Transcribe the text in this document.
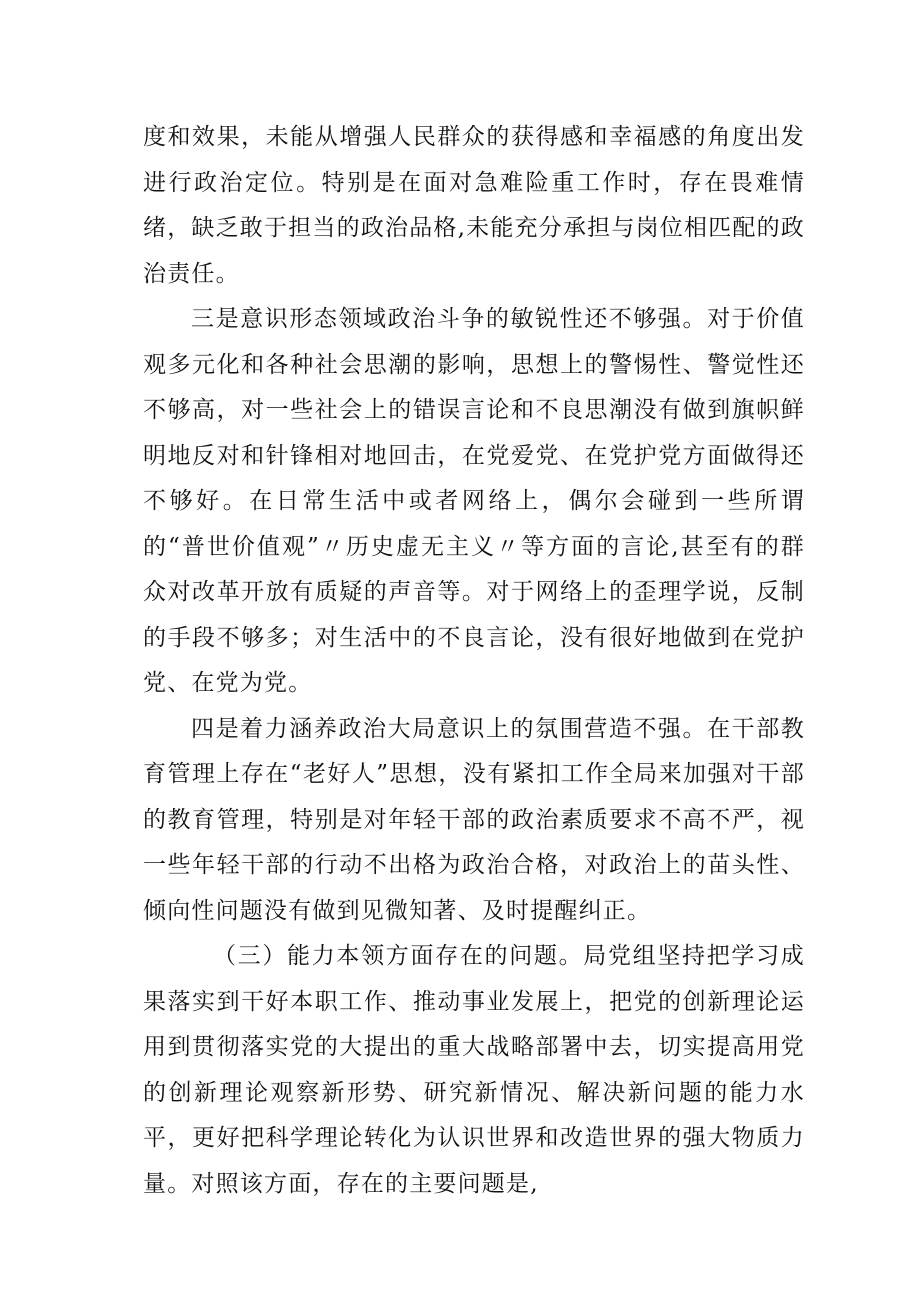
度和效果，未能从增强人民群众的获得感和幸福感的角度出发进行政治定位。特别是在面对急难险重工作时，存在畏难情绪，缺乏敢于担当的政治品格,未能充分承担与岗位相匹配的政治责任。

三是意识形态领域政治斗争的敏锐性还不够强。对于价值观多元化和各种社会思潮的影响，思想上的警惕性、警觉性还不够高，对一些社会上的错误言论和不良思潮没有做到旗帜鲜明地反对和针锋相对地回击，在党爱党、在党护党方面做得还不够好。在日常生活中或者网络上，偶尔会碰到一些所谓的“普世价值观”〃历史虚无主义〃等方面的言论,甚至有的群众对改革开放有质疑的声音等。对于网络上的歪理学说，反制的手段不够多；对生活中的不良言论，没有很好地做到在党护党、在党为党。

四是着力涵养政治大局意识上的氛围营造不强。在干部教育管理上存在“老好人”思想，没有紧扣工作全局来加强对干部的教育管理，特别是对年轻干部的政治素质要求不高不严，视一些年轻干部的行动不出格为政治合格，对政治上的苗头性、倾向性问题没有做到见微知著、及时提醒纠正。

（三）能力本领方面存在的问题。局党组坚持把学习成果落实到干好本职工作、推动事业发展上，把党的创新理论运用到贯彻落实党的大提出的重大战略部署中去，切实提高用党的创新理论观察新形势、研究新情况、解决新问题的能力水平，更好把科学理论转化为认识世界和改造世界的强大物质力量。对照该方面，存在的主要问题是,
